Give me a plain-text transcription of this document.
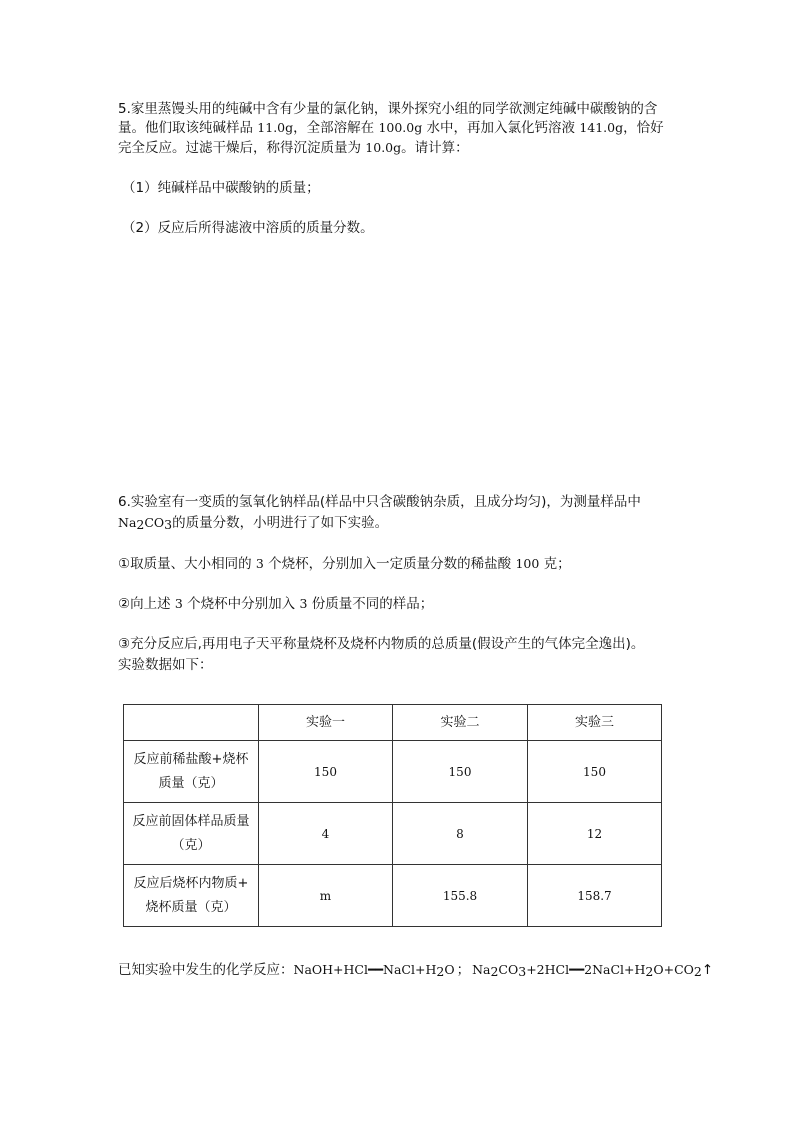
5.家里蒸馒头用的纯碱中含有少量的氯化钠，课外探究小组的同学欲测定纯碱中碳酸钠的含
量。他们取该纯碱样品 11.0g，全部溶解在 100.0g 水中，再加入氯化钙溶液 141.0g，恰好
完全反应。过滤干燥后，称得沉淀质量为 10.0g。请计算：
（1）纯碱样品中碳酸钠的质量；
（2）反应后所得滤液中溶质的质量分数。
6.实验室有一变质的氢氧化钠样品(样品中只含碳酸钠杂质，且成分均匀)，为测量样品中
$Na_2CO_3$的质量分数，小明进行了如下实验。
①取质量、大小相同的 3 个烧杯，分别加入一定质量分数的稀盐酸 100 克；
②向上述 3 个烧杯中分别加入 3 份质量不同的样品；
③充分反应后,再用电子天平称量烧杯及烧杯内物质的总质量(假设产生的气体完全逸出)。
实验数据如下：
	实验一	实验二	实验三

反应前稀盐酸+烧杯
质量（克）	150	150	150

反应前固体样品质量
（克）	4	8	12

反应后烧杯内物质+
烧杯质量（克）	m	155.8	158.7
已知实验中发生的化学反应：$NaOH+HCl━━NaCl+H_2O$ ； $Na_2CO_3+2HCl━━2NaCl+H_2O+CO_2↑$
